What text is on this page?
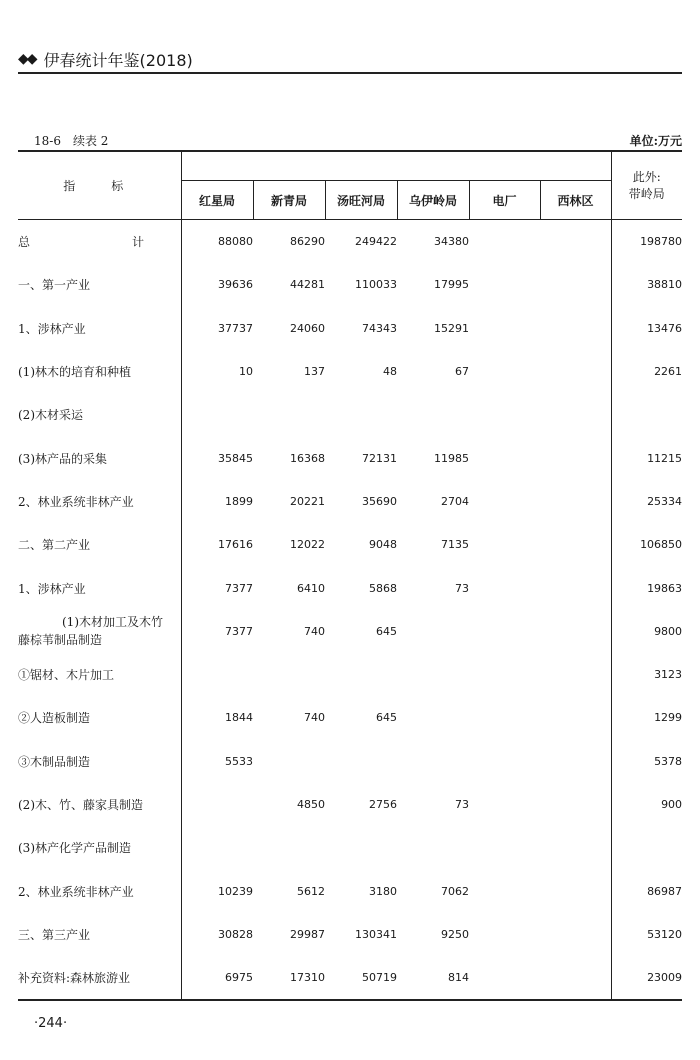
◆◆ 伊春统计年鉴(2018)
18-6　续表 2	单位:万元
指　标							此外:
带岭局

	红星局	新青局	汤旺河局	乌伊岭局	电厂	西林区	
总　　计	88080	86290	249422	34380			198780
一、第一产业	39636	44281	110033	17995			38810
1、涉林产业	37737	24060	74343	15291			13476
(1)林木的培育和种植	10	137	48	67			2261
(2)木材采运							
(3)林产品的采集	35845	16368	72131	11985			11215
2、林业系统非林产业	1899	20221	35690	2704			25334
二、第二产业	17616	12022	9048	7135			106850
1、涉林产业	7377	6410	5868	73			19863

(1)木材加工及木竹
藤棕苇制品制造	7377	740	645				9800
①锯材、木片加工							3123
②人造板制造	1844	740	645				1299
③木制品制造	5533						5378
(2)木、竹、藤家具制造		4850	2756	73			900
(3)林产化学产品制造							
2、林业系统非林产业	10239	5612	3180	7062			86987
三、第三产业	30828	29987	130341	9250			53120
补充资料:森林旅游业	6975	17310	50719	814			23009
·244·
